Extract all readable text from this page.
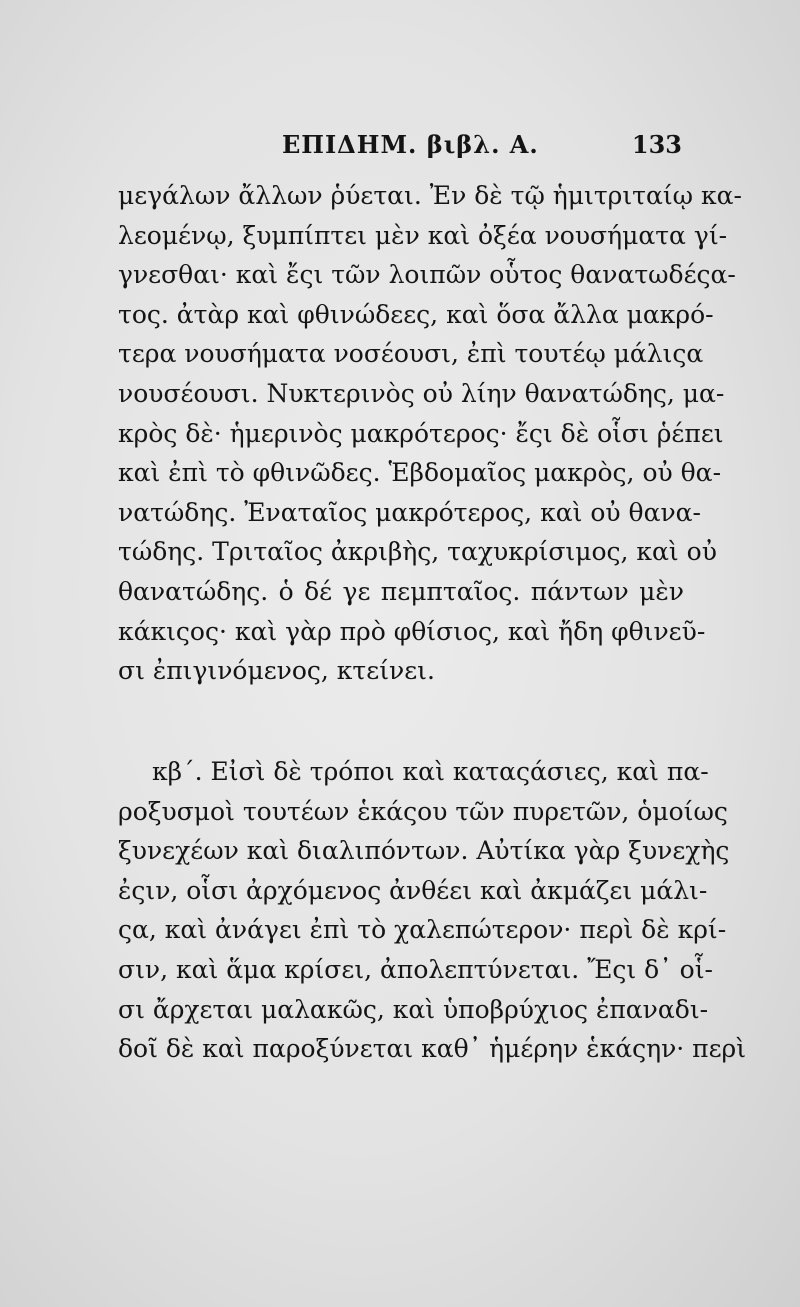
ΕΠΙΔΗΜ. βιβλ. Α.	133
μεγάλων ἄλλων ῥύεται. Ἐν δὲ τῷ ἡμιτριταίῳ κα-
λεομένῳ, ξυμπίπτει μὲν καὶ ὀξέα νουσήματα γί-
γνεσθαι· καὶ ἔςι τῶν λοιπῶν οὗτος θανατωδέςα-
τος. ἀτὰρ καὶ φθινώδεες, καὶ ὅσα ἄλλα μακρό-
τερα νουσήματα νοσέουσι, ἐπὶ τουτέῳ μάλιςα
νουσέουσι. Νυκτερινὸς οὐ λίην θανατώδης, μα-
κρὸς δὲ· ἡμερινὸς μακρότερος· ἔςι δὲ οἷσι ῥέπει
καὶ ἐπὶ τὸ φθινῶδες. Ἑβδομαῖος μακρὸς, οὐ θα-
νατώδης. Ἐναταῖος μακρότερος, καὶ οὐ θανα-
τώδης. Τριταῖος ἀκριβὴς, ταχυκρίσιμος, καὶ οὐ
θανατώδης. ὁ δέ γε πεμπταῖος. πάντων μὲν
κάκιςος· καὶ γὰρ πρὸ φθίσιος, καὶ ἤδη φθινεῦ-
σι ἐπιγινόμενος, κτείνει.
κβ΄. Εἰσὶ δὲ τρόποι καὶ καταςάσιες, καὶ πα-
ροξυσμοὶ τουτέων ἑκάςου τῶν πυρετῶν, ὁμοίως
ξυνεχέων καὶ διαλιπόντων. Αὐτίκα γὰρ ξυνεχὴς
ἐςιν, οἷσι ἀρχόμενος ἀνθέει καὶ ἀκμάζει μάλι-
ςα, καὶ ἀνάγει ἐπὶ τὸ χαλεπώτερον· περὶ δὲ κρί-
σιν, καὶ ἅμα κρίσει, ἀπολεπτύνεται. Ἔςι δ᾽ οἷ-
σι ἄρχεται μαλακῶς, καὶ ὑποβρύχιος ἐπαναδι-
δοῖ δὲ καὶ παροξύνεται καθ᾽ ἡμέρην ἑκάςην· περὶ
